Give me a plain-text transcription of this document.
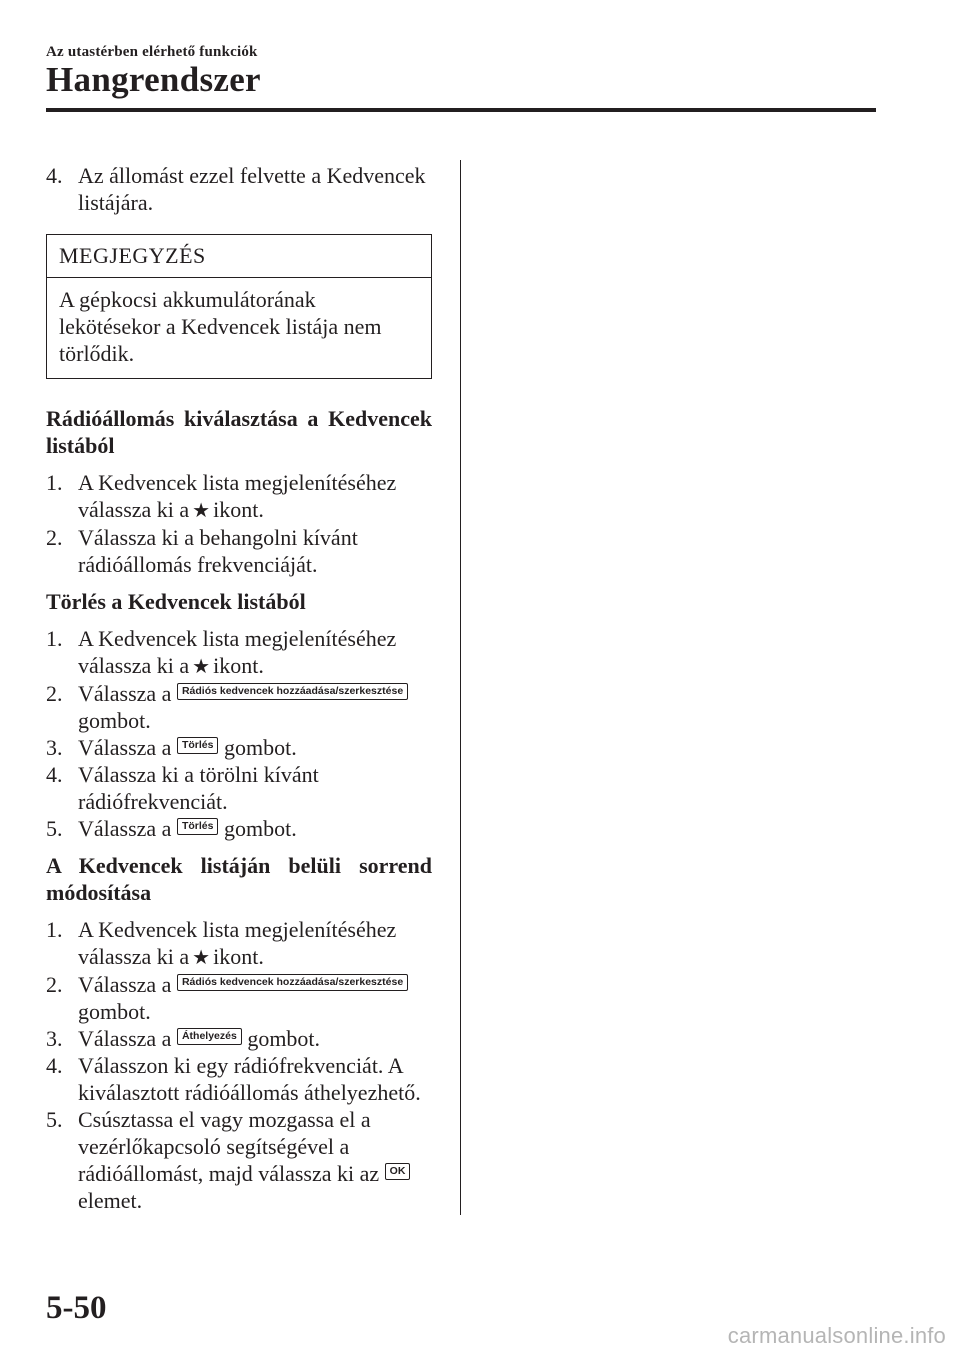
Az utastérben elérhető funkciók
Hangrendszer
4. Az állomást ezzel felvette a Kedvencek listájára.
MEGJEGYZÉS
A gépkocsi akkumulátorának lekötésekor a Kedvencek listája nem törlődik.
Rádióállomás kiválasztása a Kedvencek listából
1. A Kedvencek lista megjelenítéséhez válassza ki a ★ ikont.
2. Válassza ki a behangolni kívánt rádióállomás frekvenciáját.
Törlés a Kedvencek listából
1. A Kedvencek lista megjelenítéséhez válassza ki a ★ ikont.
2. Válassza a Rádiós kedvencek hozzáadása/szerkesztése
gombot.
3. Válassza a Törlés gombot.
4. Válassza ki a törölni kívánt rádiófrekvenciát.
5. Válassza a Törlés gombot.
A Kedvencek listáján belüli sorrend módosítása
1. A Kedvencek lista megjelenítéséhez válassza ki a ★ ikont.
2. Válassza a Rádiós kedvencek hozzáadása/szerkesztése
gombot.
3. Válassza a Áthelyezés gombot.
4. Válasszon ki egy rádiófrekvenciát. A kiválasztott rádióállomás áthelyezhető.
5. Csúsztassa el vagy mozgassa el a vezérlőkapcsoló segítségével a rádióállomást, majd válassza ki az OK
elemet.
5-50
carmanualsonline.info
